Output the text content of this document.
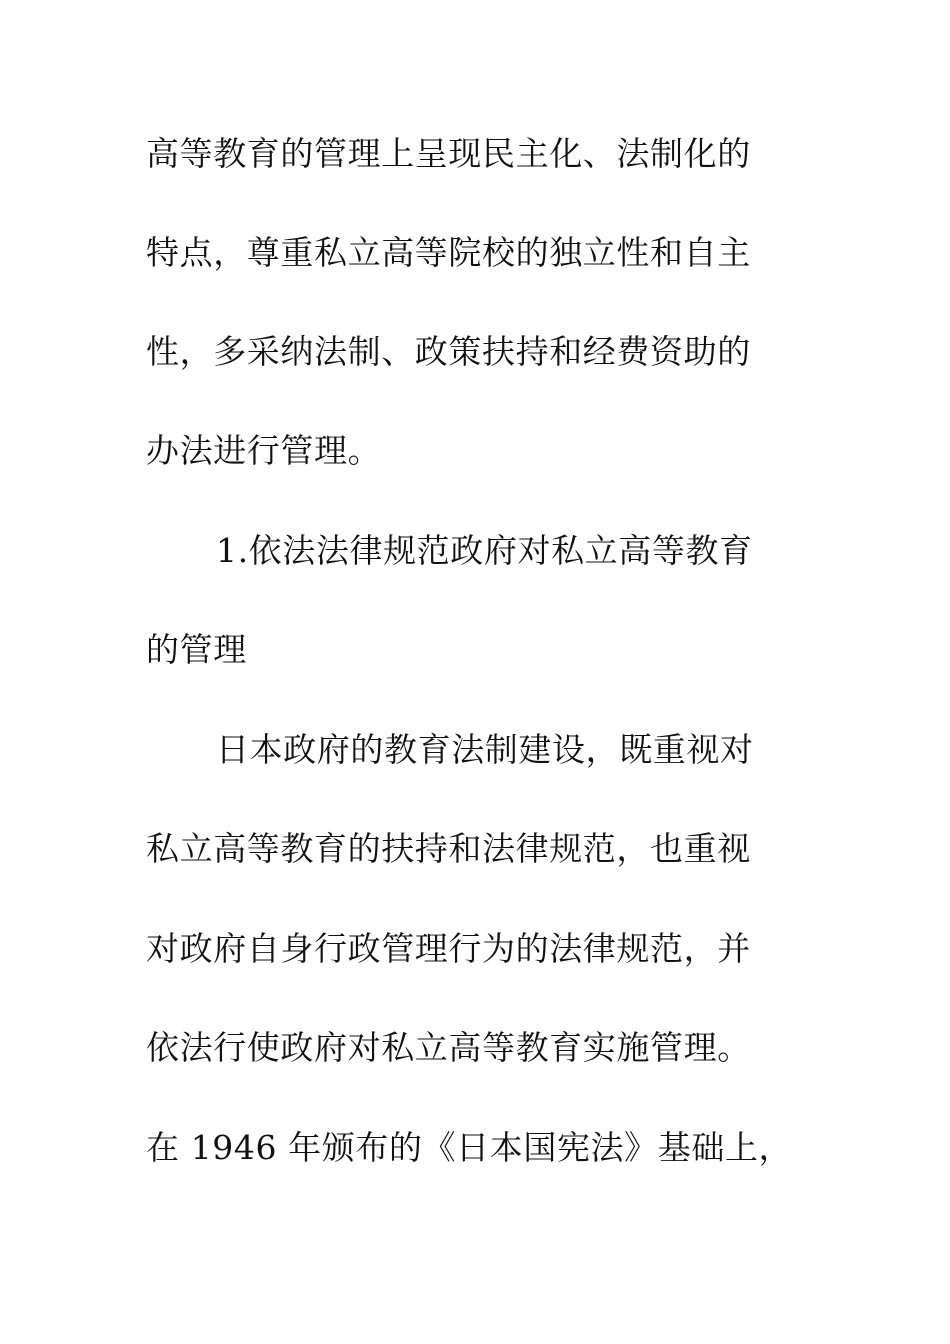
高等教育的管理上呈现民主化、法制化的
特点，尊重私立高等院校的独立性和自主
性，多采纳法制、政策扶持和经费资助的
办法进行管理。
1.依法法律规范政府对私立高等教育
的管理
日本政府的教育法制建设，既重视对
私立高等教育的扶持和法律规范，也重视
对政府自身行政管理行为的法律规范，并
依法行使政府对私立高等教育实施管理。
在 1946 年颁布的《日本国宪法》基础上，
